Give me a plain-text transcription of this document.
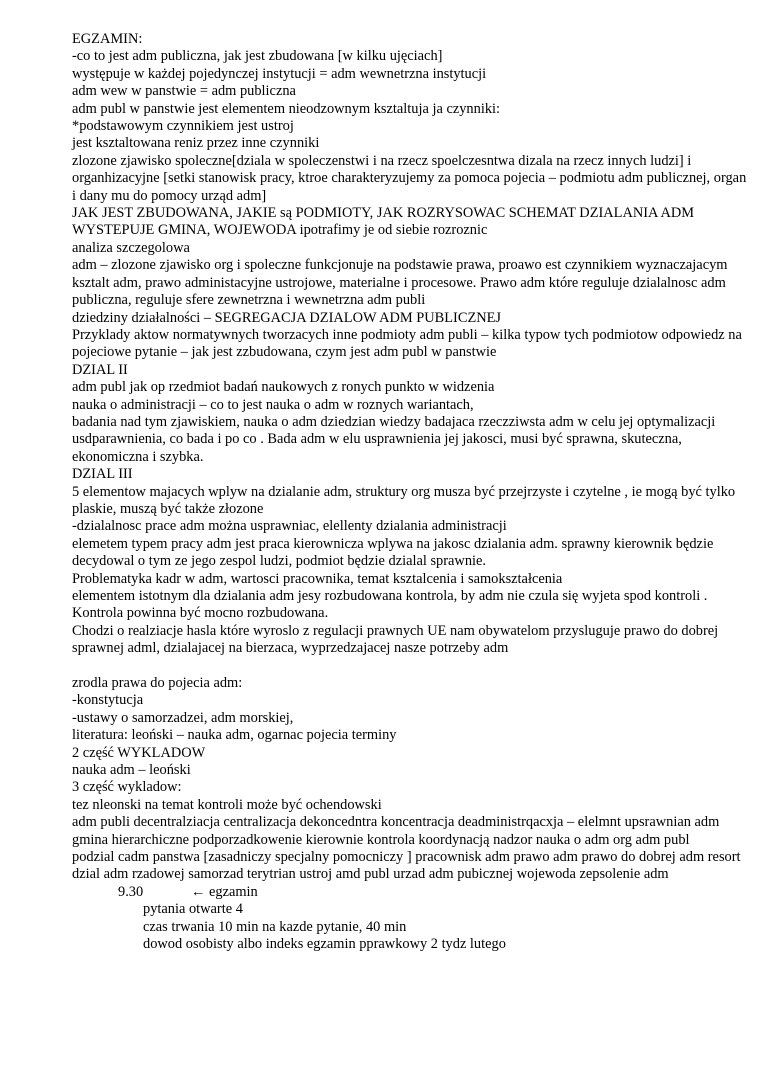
EGZAMIN:
-co to jest adm publiczna, jak jest zbudowana [w kilku ujęciach]
występuje w każdej pojedynczej instytucji = adm wewnetrzna instytucji
adm wew w panstwie = adm publiczna
adm publ w panstwie jest elementem nieodzownym ksztaltuja ja czynniki:
*podstawowym czynnikiem jest ustroj
jest ksztaltowana reniz przez inne czynniki
zlozone zjawisko spoleczne[dziala w spoleczenstwi i na rzecz spoelczesntwa dizala na rzecz innych ludzi] i organhizacyjne [setki stanowisk pracy, ktroe charakteryzujemy za pomoca pojecia – podmiotu adm publicznej, organ i dany mu do pomocy urząd adm]
JAK JEST ZBUDOWANA, JAKIE są PODMIOTY, JAK ROZRYSOWAC SCHEMAT DZIALANIA ADM WYSTEPUJE GMINA, WOJEWODA ipotrafimy je od siebie rozroznic
analiza szczegolowa
adm – zlozone zjawisko org i spoleczne funkcjonuje na podstawie prawa, proawo est czynnikiem wyznaczajacym ksztalt adm, prawo administacyjne ustrojowe, materialne i procesowe. Prawo adm które reguluje dzialalnosc adm publiczna, reguluje sfere zewnetrzna i wewnetrzna adm publi
dziedziny działalności – SEGREGACJA DZIALOW ADM PUBLICZNEJ
Przyklady aktow normatywnych tworzacych inne podmioty adm publi – kilka typow tych podmiotow odpowiedz na pojeciowe pytanie – jak jest zzbudowana, czym jest adm publ w panstwie
DZIAL II
adm publ jak op rzedmiot badań naukowych z ronych punkto w widzenia
nauka o administracji – co to jest nauka o adm w roznych wariantach,
badania nad tym zjawiskiem, nauka o adm dziedzian wiedzy badajaca rzeczziwsta adm w celu jej optymalizacji usdparawnienia, co bada i po co . Bada adm w elu usprawnienia jej jakosci, musi być sprawna, skuteczna, ekonomiczna i szybka.
DZIAL III
5 elementow majacych wplyw na dzialanie adm, struktury org musza być przejrzyste i czytelne , ie mogą być tylko plaskie, muszą być także złozone
-dzialalnosc prace adm można usprawniac, elellenty dzialania administracji
elemetem typem pracy adm jest praca kierownicza wplywa na jakosc dzialania adm. sprawny kierownik będzie decydowal o tym ze jego zespol ludzi, podmiot będzie dzialal sprawnie.
Problematyka kadr w adm, wartosci pracownika, temat ksztalcenia i samokształcenia
elementem istotnym dla dzialania adm jesy rozbudowana kontrola, by adm nie czula się wyjeta spod kontroli . Kontrola powinna być mocno rozbudowana.
Chodzi o realziacje hasla które wyroslo z regulacji prawnych UE nam obywatelom przysluguje prawo do dobrej sprawnej adml, dzialajacej na bierzaca, wyprzedzajacej nasze potrzeby adm
zrodla prawa do pojecia adm:
-konstytucja
-ustawy o samorzadzei, adm morskiej,
literatura: leoński – nauka adm, ogarnac pojecia terminy
2 część WYKLADOW
nauka adm – leoński
3 część wykladow:
tez nleonski na temat kontroli może być ochendowski
adm publi decentralziacja centralizacja dekoncedntra koncentracja deadministrqacxja – elelmnt upsrawnian adm gmina hierarchiczne podporzadkowenie kierownie kontrola koordynacją nadzor nauka o adm org adm publ
podzial cadm panstwa [zasadniczy specjalny pomocniczy ] pracownisk adm prawo adm prawo do dobrej adm resort dzial adm rzadowej samorzad terytrian ustroj amd publ urzad adm pubicznej wojewoda zepsolenie adm
9.30	← egzamin
pytania otwarte 4
czas trwania 10 min na kazde pytanie, 40 min
dowod osobisty albo indeks egzamin pprawkowy 2 tydz lutego
